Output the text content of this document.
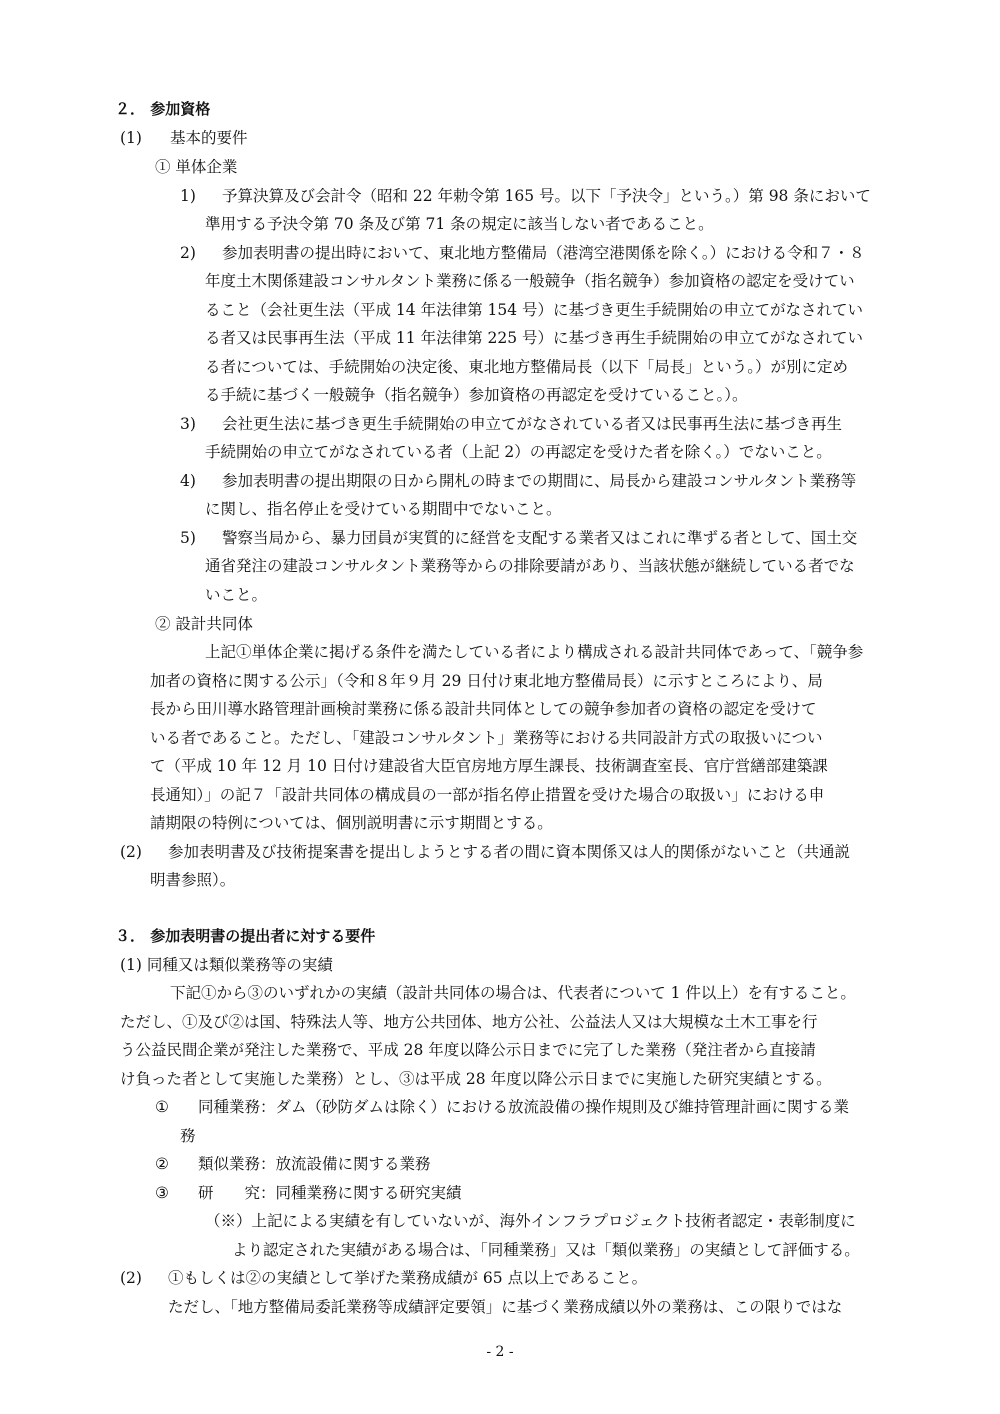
２． 参加資格
(1) 基本的要件
① 単体企業
1) 予算決算及び会計令（昭和 22 年勅令第 165 号。以下「予決令」という。）第 98 条において
準用する予決令第 70 条及び第 71 条の規定に該当しない者であること。
2) 参加表明書の提出時において、東北地方整備局（港湾空港関係を除く。）における令和７・８
年度土木関係建設コンサルタント業務に係る一般競争（指名競争）参加資格の認定を受けてい
ること（会社更生法（平成 14 年法律第 154 号）に基づき更生手続開始の申立てがなされてい
る者又は民事再生法（平成 11 年法律第 225 号）に基づき再生手続開始の申立てがなされてい
る者については、手続開始の決定後、東北地方整備局長（以下「局長」という。）が別に定め
る手続に基づく一般競争（指名競争）参加資格の再認定を受けていること。）。
3) 会社更生法に基づき更生手続開始の申立てがなされている者又は民事再生法に基づき再生
手続開始の申立てがなされている者（上記 2）の再認定を受けた者を除く。）でないこと。
4) 参加表明書の提出期限の日から開札の時までの期間に、局長から建設コンサルタント業務等
に関し、指名停止を受けている期間中でないこと。
5) 警察当局から、暴力団員が実質的に経営を支配する業者又はこれに準ずる者として、国土交
通省発注の建設コンサルタント業務等からの排除要請があり、当該状態が継続している者でな
いこと。
② 設計共同体
上記①単体企業に掲げる条件を満たしている者により構成される設計共同体であって、「競争参
加者の資格に関する公示」（令和８年９月 29 日付け東北地方整備局長）に示すところにより、局
長から田川導水路管理計画検討業務に係る設計共同体としての競争参加者の資格の認定を受けて
いる者であること。ただし、「建設コンサルタント」業務等における共同設計方式の取扱いについ
て（平成 10 年 12 月 10 日付け建設省大臣官房地方厚生課長、技術調査室長、官庁営繕部建築課
長通知）」の記７「設計共同体の構成員の一部が指名停止措置を受けた場合の取扱い」における申
請期限の特例については、個別説明書に示す期間とする。
(2) 参加表明書及び技術提案書を提出しようとする者の間に資本関係又は人的関係がないこと（共通説
明書参照）。
３． 参加表明書の提出者に対する要件
(1) 同種又は類似業務等の実績
下記①から③のいずれかの実績（設計共同体の場合は、代表者について 1 件以上）を有すること。
ただし、①及び②は国、特殊法人等、地方公共団体、地方公社、公益法人又は大規模な土木工事を行
う公益民間企業が発注した業務で、平成 28 年度以降公示日までに完了した業務（発注者から直接請
け負った者として実施した業務）とし、③は平成 28 年度以降公示日までに実施した研究実績とする。
① 同種業務：ダム（砂防ダムは除く）における放流設備の操作規則及び維持管理計画に関する業
務
② 類似業務：放流設備に関する業務
③ 研　　究：同種業務に関する研究実績
（※）上記による実績を有していないが、海外インフラプロジェクト技術者認定・表彰制度に
より認定された実績がある場合は、「同種業務」又は「類似業務」の実績として評価する。
(2) ①もしくは②の実績として挙げた業務成績が 65 点以上であること。
ただし、「地方整備局委託業務等成績評定要領」に基づく業務成績以外の業務は、この限りではな
- 2 -
